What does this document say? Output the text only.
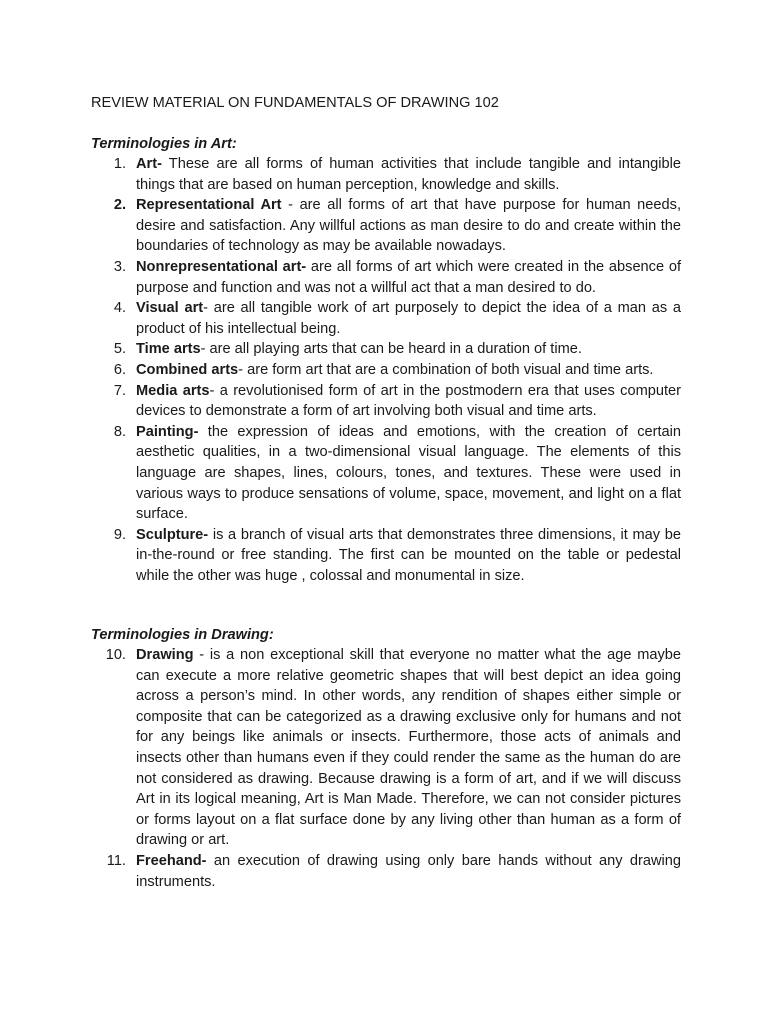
REVIEW MATERIAL ON FUNDAMENTALS OF DRAWING 102

Terminologies in Art:

1. Art- These are all forms of human activities that include tangible and intangible things that are based on human perception, knowledge and skills.
2. Representational Art - are all forms of art that have purpose for human needs, desire and satisfaction. Any willful actions as man desire to do and create within the boundaries of technology as may be available nowadays.
3. Nonrepresentational art- are all forms of art which were created in the absence of purpose and function and was not a willful act that a man desired to do.
4. Visual art- are all tangible work of art purposely to depict the idea of a man as a product of his intellectual being.
5. Time arts- are all playing arts that can be heard in a duration of time.
6. Combined arts- are form art that are a combination of both visual and time arts.
7. Media arts- a revolutionised form of art in the postmodern era that uses computer devices to demonstrate a form of art involving both visual and time arts.
8. Painting- the expression of ideas and emotions, with the creation of certain aesthetic qualities, in a two-dimensional visual language. The elements of this language are shapes, lines, colours, tones, and textures. These were used in various ways to produce sensations of volume, space, movement, and light on a flat surface.
9. Sculpture- is a branch of visual arts that demonstrates three dimensions, it may be in-the-round or free standing. The first can be mounted on the table or pedestal while the other was huge , colossal and monumental in size.

Terminologies in Drawing:

10. Drawing - is a non exceptional skill that everyone no matter what the age maybe can execute a more relative geometric shapes that will best depict an idea going across a person’s mind. In other words, any rendition of shapes either simple or composite that can be categorized as a drawing exclusive only for humans and not for any beings like animals or insects. Furthermore, those acts of animals and insects other than humans even if they could render the same as the human do are not considered as drawing. Because drawing is a form of art, and if we will discuss Art in its logical meaning, Art is Man Made. Therefore, we can not consider pictures or forms layout on a flat surface done by any living other than human as a form of drawing or art.
11. Freehand- an execution of drawing using only bare hands without any drawing instruments.
